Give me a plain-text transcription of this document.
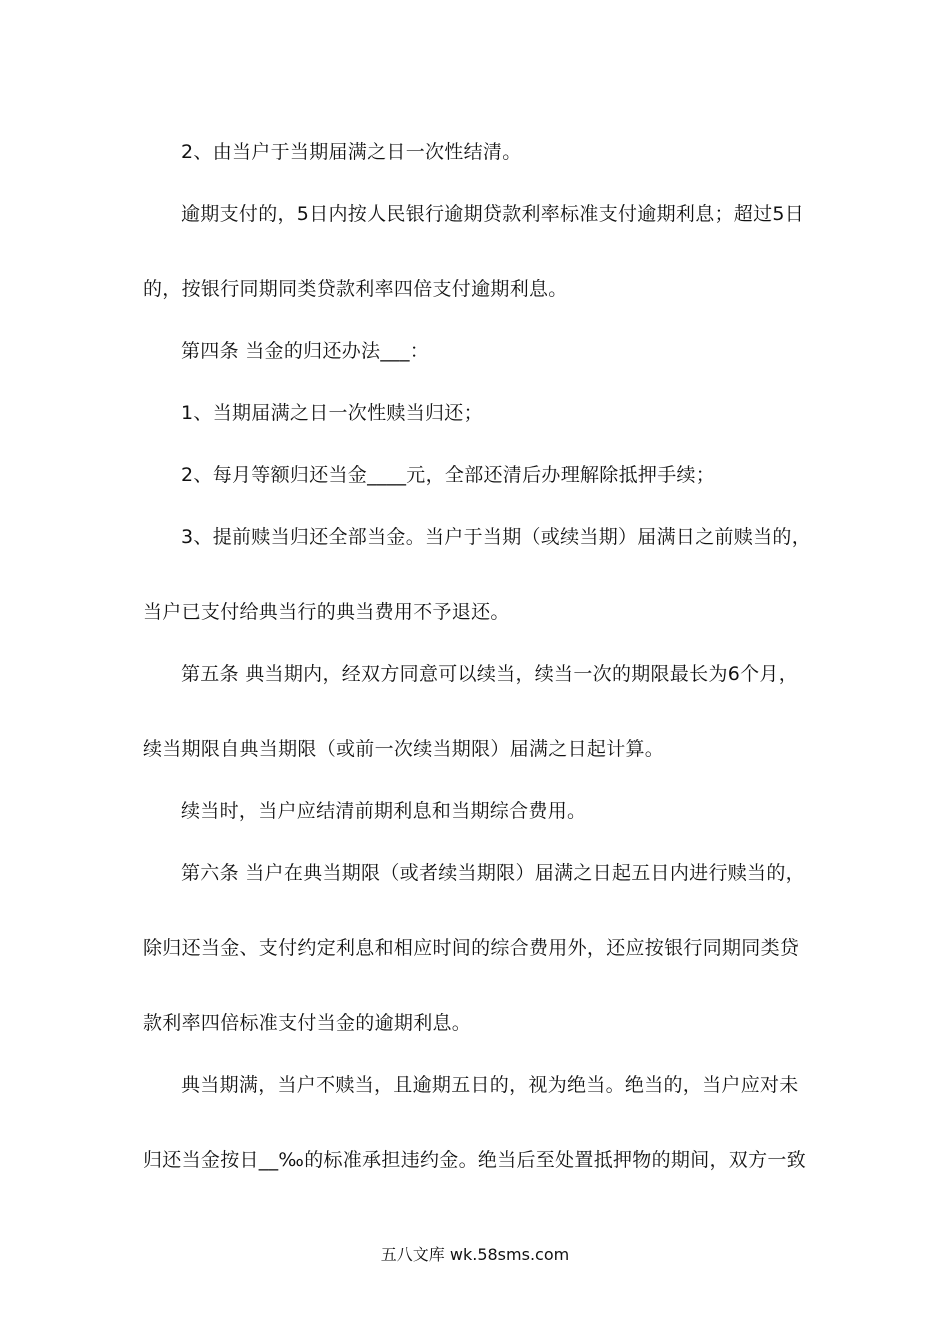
2、由当户于当期届满之日一次性结清。
逾期支付的，5日内按人民银行逾期贷款利率标准支付逾期利息；超过5日
的，按银行同期同类贷款利率四倍支付逾期利息。
第四条 当金的归还办法___：
1、当期届满之日一次性赎当归还；
2、每月等额归还当金____元，全部还清后办理解除抵押手续；
3、提前赎当归还全部当金。当户于当期（或续当期）届满日之前赎当的，
当户已支付给典当行的典当费用不予退还。
第五条 典当期内，经双方同意可以续当，续当一次的期限最长为6个月，
续当期限自典当期限（或前一次续当期限）届满之日起计算。
续当时，当户应结清前期利息和当期综合费用。
第六条 当户在典当期限（或者续当期限）届满之日起五日内进行赎当的，
除归还当金、支付约定利息和相应时间的综合费用外，还应按银行同期同类贷
款利率四倍标准支付当金的逾期利息。
典当期满，当户不赎当，且逾期五日的，视为绝当。绝当的，当户应对未
归还当金按日__‰的标准承担违约金。绝当后至处置抵押物的期间，双方一致
五八文库 wk.58sms.com
